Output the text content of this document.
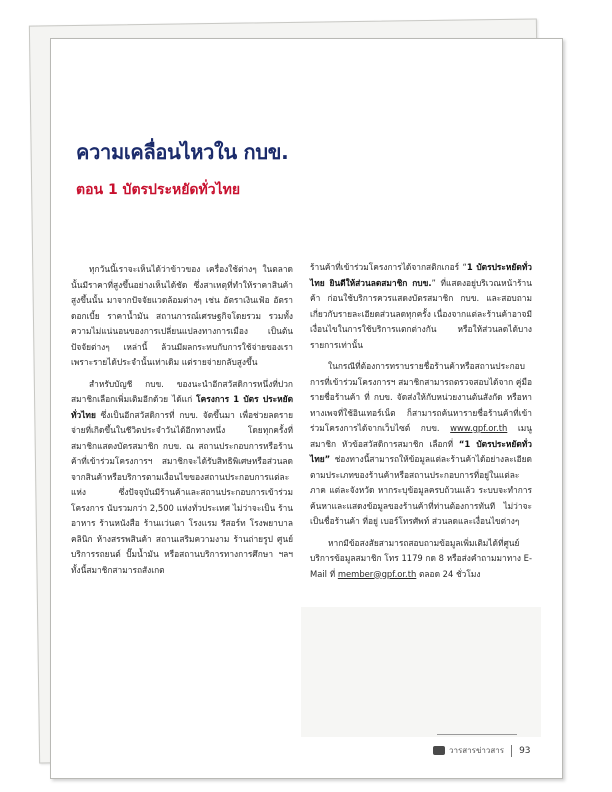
ความเคลื่อนไหวใน กบข.
ตอน 1 บัตรประหยัดทั่วไทย

ทุกวันนี้เราจะเห็นได้ว่าข้าวของ เครื่องใช้ต่างๆ ในตลาดนั้นมีราคาที่สูงขึ้นอย่างเห็นได้ชัด ซึ่งสาเหตุที่ทำให้ราคาสินค้าสูงขึ้นนั้น มาจากปัจจัยแวดล้อมต่างๆ เช่น อัตราเงินเฟ้อ อัตราดอกเบี้ย ราคาน้ำมัน สถานการณ์เศรษฐกิจโดยรวม รวมทั้งความไม่แน่นอนของการเปลี่ยนแปลงทางการเมือง เป็นต้น ปัจจัยต่างๆ เหล่านี้ ล้วนมีผลกระทบกับการใช้จ่ายของเรา เพราะรายได้ประจำนั้นเท่าเดิม แต่รายจ่ายกลับสูงขึ้น

สำหรับบัญชี กบข. ของนะนำอีกสวัสดิการหนึ่งที่ปวกสมาชิกเลือกเพิ่มเติมอีกด้วย ได้แก่ โครงการ 1 บัตร ประหยัดทั่วไทย ซึ่งเป็นอีกสวัสดิการที่ กบข. จัดขึ้นมา เพื่อช่วยลดรายจ่ายที่เกิดขึ้นในชีวิตประจำวันได้อีกทางหนึ่ง โดยทุกครั้งที่สมาชิกแสดงบัตรสมาชิก กบข. ณ สถานประกอบการหรือร้านค้าที่เข้าร่วมโครงการฯ สมาชิกจะได้รับสิทธิพิเศษหรือส่วนลดจากสินค้าหรือบริการตามเงื่อนไขของสถานประกอบการแต่ละแห่ง ซึ่งปัจจุบันมีร้านค้าและสถานประกอบการเข้าร่วมโครงการ นับรวมกว่า 2,500 แห่งทั่วประเทศ ไม่ว่าจะเป็น ร้านอาหาร ร้านหนังสือ ร้านแว่นตา โรงแรม รีสอร์ท โรงพยาบาล คลินิก ห้างสรรพสินค้า สถานเสริมความงาม ร้านถ่ายรูป ศูนย์บริการรถยนต์ ปั๊มน้ำมัน หรือสถานบริการทางการศึกษา ฯลฯ ทั้งนี้สมาชิกสามารถสังเกต

ร้านค้าที่เข้าร่วมโครงการได้จากสติกเกอร์ “1 บัตรประหยัดทั่วไทย ยินดีให้ส่วนลดสมาชิก กบข.” ที่แสดงอยู่บริเวณหน้าร้านค้า ก่อนใช้บริการควรแสดงบัตรสมาชิก กบข. และสอบถามเกี่ยวกับรายละเอียดส่วนลดทุกครั้ง เนื่องจากแต่ละร้านค้าอาจมีเงื่อนไขในการใช้บริการแตกต่างกัน หรือให้ส่วนลดได้บางรายการเท่านั้น

ในกรณีที่ต้องการทราบรายชื่อร้านค้าหรือสถานประกอบการที่เข้าร่วมโครงการฯ สมาชิกสามารถตรวจสอบได้จาก คู่มือรายชื่อร้านค้า ที่ กบข. จัดส่งให้กับหน่วยงานต้นสังกัด หรือหาทางเพจที่ใช้อินเทอร์เน็ต ก็สามารถค้นหารายชื่อร้านค้าที่เข้าร่วมโครงการได้จากเว็บไซต์ กบข. www.gpf.or.th เมนูสมาชิก หัวข้อสวัสดิการสมาชิก เลือกที่ “1 บัตรประหยัดทั่วไทย” ช่องทางนี้สามารถให้ข้อมูลแต่ละร้านค้าได้อย่างละเอียด ตามประเภทของร้านค้าหรือสถานประกอบการที่อยู่ในแต่ละภาค แต่ละจังหวัด หากระบุข้อมูลครบถ้วนแล้ว ระบบจะทำการค้นหาและแสดงข้อมูลของร้านค้าที่ท่านต้องการทันที ไม่ว่าจะเป็นชื่อร้านค้า ที่อยู่ เบอร์โทรศัพท์ ส่วนลดและเงื่อนไขต่างๆ

หากมีข้อสงสัยสามารถสอบถามข้อมูลเพิ่มเติมได้ที่ศูนย์บริการข้อมูลสมาชิก โทร 1179 กด 8 หรือส่งคำถามมาทาง E-Mail ที่ member@gpf.or.th ตลอด 24 ชั่วโมง

วารสารข่าวสาร 93
